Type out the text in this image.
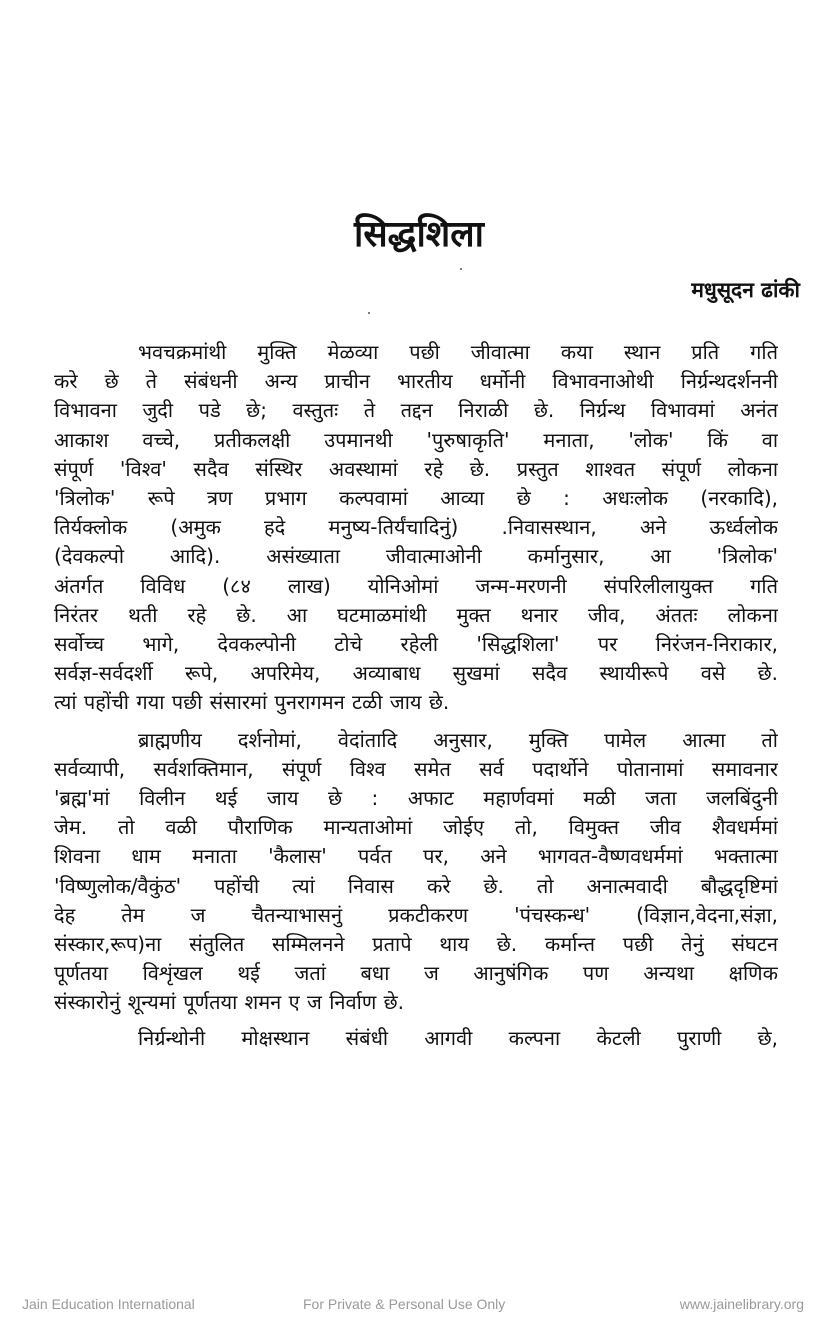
सिद्धशिला
मधुसूदन ढांकी

भवचक्रमांथी मुक्ति मेळव्या पछी जीवात्मा कया स्थान प्रति गति
करे छे ते संबंधनी अन्य प्राचीन भारतीय धर्मोनी विभावनाओथी निर्ग्रन्थदर्शननी
विभावना जुदी पडे छे; वस्तुतः ते तद्दन निराळी छे. निर्ग्रन्थ विभावमां अनंत
आकाश वच्चे, प्रतीकलक्षी उपमानथी 'पुरुषाकृति' मनाता, 'लोक' किं वा
संपूर्ण 'विश्व' सदैव संस्थिर अवस्थामां रहे छे. प्रस्तुत शाश्वत संपूर्ण लोकना
'त्रिलोक' रूपे त्रण प्रभाग कल्पवामां आव्या छे : अधःलोक (नरकादि),
तिर्यक्लोक (अमुक हदे मनुष्य-तिर्यंचादिनुं) .निवासस्थान, अने ऊर्ध्वलोक
(देवकल्पो आदि). असंख्याता जीवात्माओनी कर्मानुसार, आ 'त्रिलोक'
अंतर्गत विविध (८४ लाख) योनिओमां जन्म-मरणनी संपरिलीलायुक्त गति
निरंतर थती रहे छे. आ घटमाळमांथी मुक्त थनार जीव, अंततः लोकना
सर्वोच्च भागे, देवकल्पोनी टोचे रहेली 'सिद्धशिला' पर निरंजन-निराकार,
सर्वज्ञ-सर्वदर्शी रूपे, अपरिमेय, अव्याबाध सुखमां सदैव स्थायीरूपे वसे छे.
त्यां पहोंची गया पछी संसारमां पुनरागमन टळी जाय छे.

ब्राह्मणीय दर्शनोमां, वेदांतादि अनुसार, मुक्ति पामेल आत्मा तो
सर्वव्यापी, सर्वशक्तिमान, संपूर्ण विश्व समेत सर्व पदार्थोने पोतानामां समावनार
'ब्रह्म'मां विलीन थई जाय छे : अफाट महार्णवमां मळी जता जलबिंदुनी
जेम. तो वळी पौराणिक मान्यताओमां जोईए तो, विमुक्त जीव शैवधर्ममां
शिवना धाम मनाता 'कैलास' पर्वत पर, अने भागवत-वैष्णवधर्ममां भक्तात्मा
'विष्णुलोक/वैकुंठ' पहोंची त्यां निवास करे छे. तो अनात्मवादी बौद्धदृष्टिमां
देह तेम ज चैतन्याभासनुं प्रकटीकरण 'पंचस्कन्ध' (विज्ञान,वेदना,संज्ञा,
संस्कार,रूप)ना संतुलित सम्मिलनने प्रतापे थाय छे. कर्मान्त पछी तेनुं संघटन
पूर्णतया विशृंखल थई जतां बधा ज आनुषंगिक पण अन्यथा क्षणिक
संस्कारोनुं शून्यमां पूर्णतया शमन ए ज निर्वाण छे.

निर्ग्रन्थोनी मोक्षस्थान संबंधी आगवी कल्पना केटली पुराणी छे,

Jain Education International	For Private & Personal Use Only	www.jainelibrary.org
